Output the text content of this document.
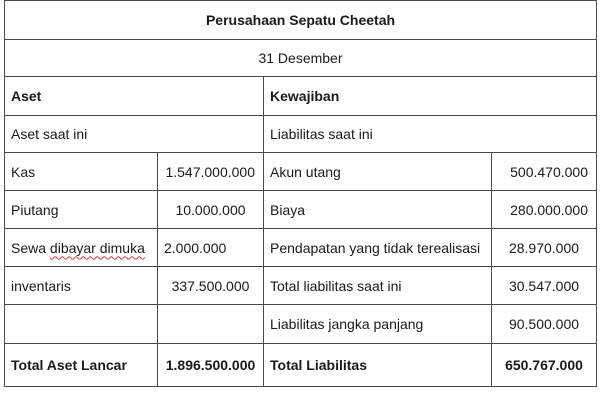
Perusahaan Sepatu Cheetah			
31 Desember			
Aset		Kewajiban	
Aset saat ini		Liabilitas saat ini	
Kas	1.547.000.000	Akun utang	500.470.000
Piutang	10.000.000	Biaya	280.000.000
Sewa dibayar dimuka	2.000.000	Pendapatan yang tidak terealisasi	28.970.000
inventaris	337.500.000	Total liabilitas saat ini	30.547.000
		Liabilitas jangka panjang	90.500.000
Total Aset Lancar	1.896.500.000	Total Liabilitas	650.767.000
